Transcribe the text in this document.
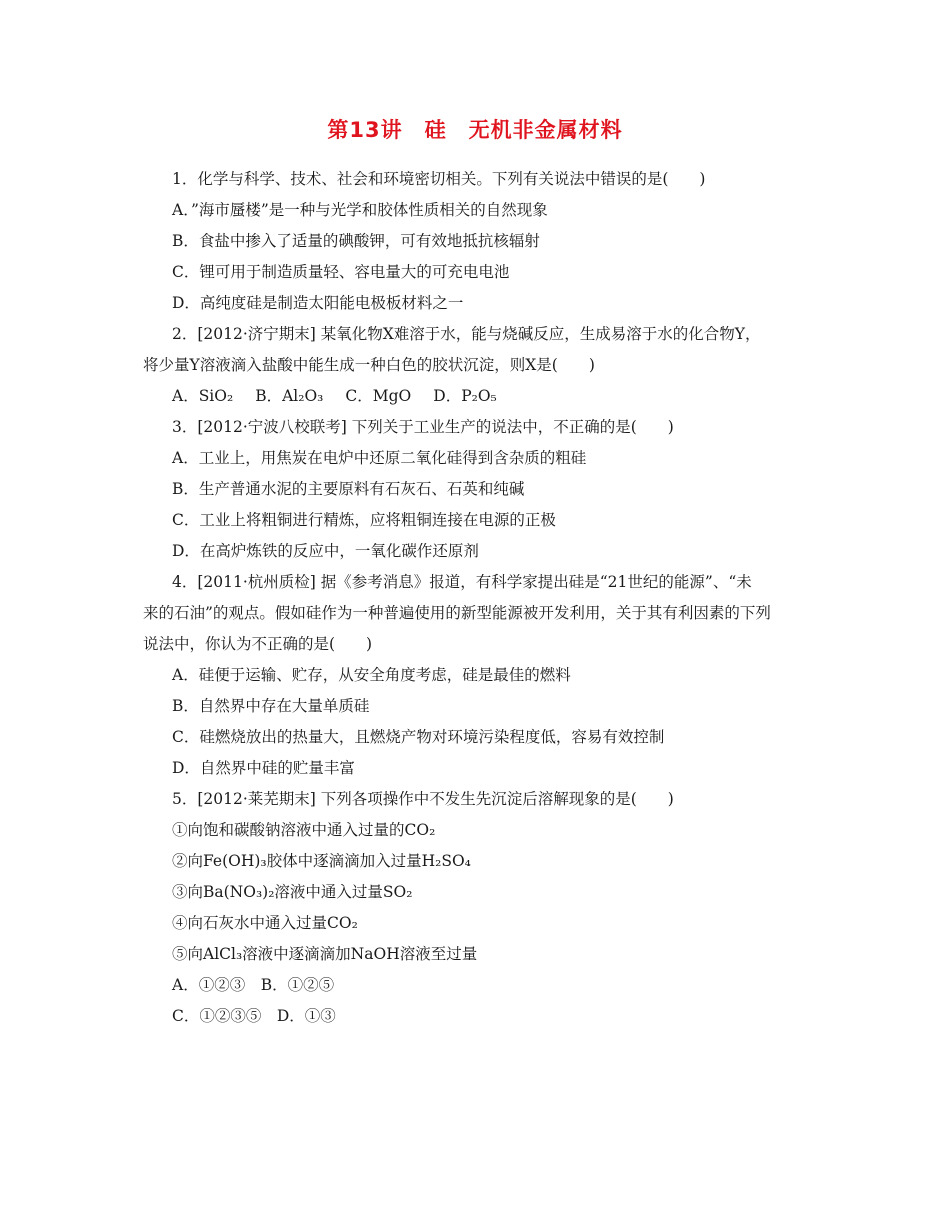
第13讲　硅　无机非金属材料
1．化学与科学、技术、社会和环境密切相关。下列有关说法中错误的是(　　)
A．”海市蜃楼”是一种与光学和胶体性质相关的自然现象
B．食盐中掺入了适量的碘酸钾，可有效地抵抗核辐射
C．锂可用于制造质量轻、容电量大的可充电电池
D．高纯度硅是制造太阳能电极板材料之一
2．[2012·济宁期末] 某氧化物X难溶于水，能与烧碱反应，生成易溶于水的化合物Y，
将少量Y溶液滴入盐酸中能生成一种白色的胶状沉淀，则X是(　　)
A．SiO₂ B．Al₂O₃ C．MgO D．P₂O₅
3．[2012·宁波八校联考] 下列关于工业生产的说法中，不正确的是(　　)
A．工业上，用焦炭在电炉中还原二氧化硅得到含杂质的粗硅
B．生产普通水泥的主要原料有石灰石、石英和纯碱
C．工业上将粗铜进行精炼，应将粗铜连接在电源的正极
D．在高炉炼铁的反应中，一氧化碳作还原剂
4．[2011·杭州质检] 据《参考消息》报道，有科学家提出硅是“21世纪的能源”、“未
来的石油”的观点。假如硅作为一种普遍使用的新型能源被开发利用，关于其有利因素的下列
说法中，你认为不正确的是(　　)
A．硅便于运输、贮存，从安全角度考虑，硅是最佳的燃料
B．自然界中存在大量单质硅
C．硅燃烧放出的热量大，且燃烧产物对环境污染程度低，容易有效控制
D．自然界中硅的贮量丰富
5．[2012·莱芜期末] 下列各项操作中不发生先沉淀后溶解现象的是(　　)
①向饱和碳酸钠溶液中通入过量的CO₂
②向Fe(OH)₃胶体中逐滴滴加入过量H₂SO₄
③向Ba(NO₃)₂溶液中通入过量SO₂
④向石灰水中通入过量CO₂
⑤向AlCl₃溶液中逐滴滴加NaOH溶液至过量
A．①②③　B．①②⑤
C．①②③⑤　D．①③
